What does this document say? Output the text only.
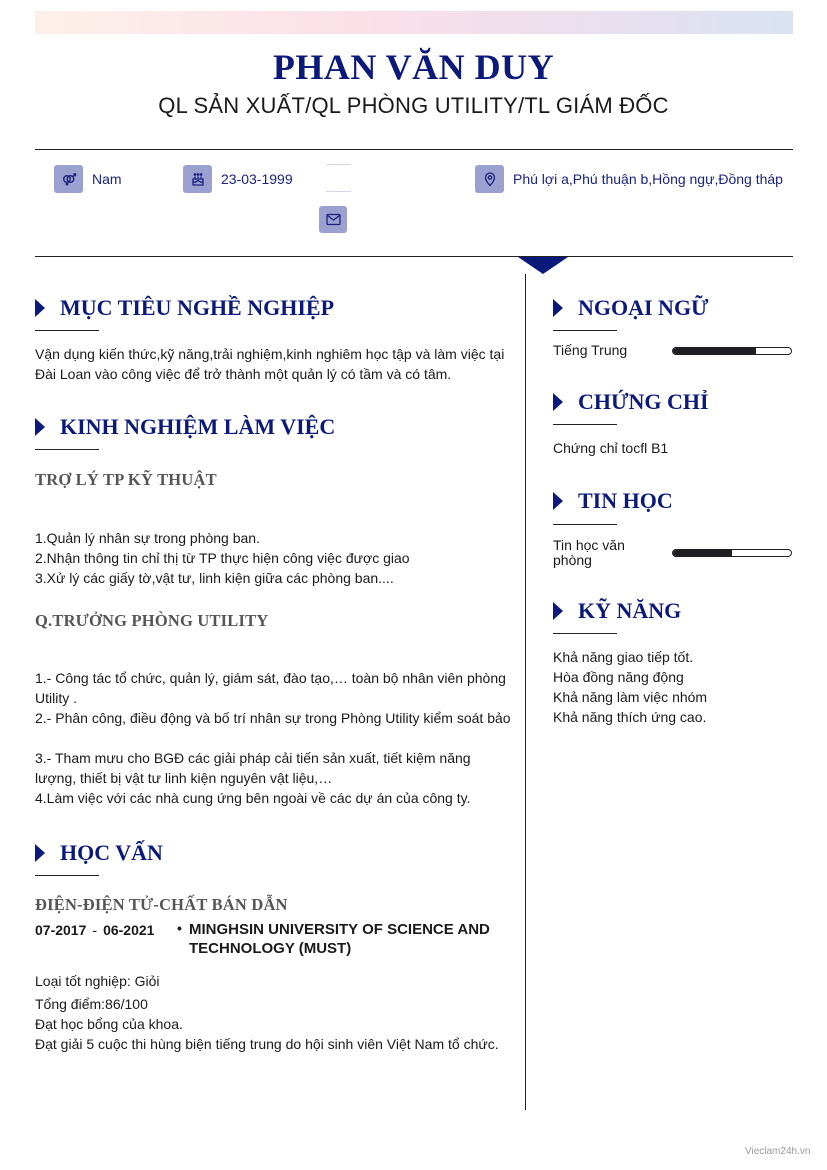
PHAN VĂN DUY
QL SẢN XUẤT/QL PHÒNG UTILITY/TL GIÁM ĐỐC
Nam	23-03-1999	Phú lợi a,Phú thuận b,Hồng ngự,Đồng tháp
MỤC TIÊU NGHỀ NGHIỆP
Vận dụng kiến thức,kỹ năng,trải nghiệm,kinh nghiêm học tập và làm việc tại
Đài Loan vào công việc để trở thành một quản lý có tầm và có tâm.
KINH NGHIỆM LÀM VIỆC
TRỢ LÝ TP KỸ THUẬT
1.Quản lý nhân sự trong phòng ban.
2.Nhận thông tin chỉ thị từ TP thực hiện công việc được giao
3.Xử lý các giấy tờ,vật tư, linh kiện giữa các phòng ban....
Q.TRƯỞNG PHÒNG UTILITY
1.- Công tác tổ chức, quản lý, giám sát, đào tạo,… toàn bộ nhân viên phòng
Utility .
2.- Phân công, điều động và bố trí nhân sự trong Phòng Utility kiểm soát bảo
3.- Tham mưu cho BGĐ các giải pháp cải tiến sản xuất, tiết kiệm năng
lượng, thiết bị vật tư linh kiện nguyên vật liệu,…
4.Làm việc với các nhà cung ứng bên ngoài về các dự án của công ty.
HỌC VẤN
ĐIỆN-ĐIỆN TỬ-CHẤT BÁN DẪN
07-2017 - 06-2021	• MINGHSIN UNIVERSITY OF SCIENCE AND TECHNOLOGY (MUST)
Loại tốt nghiệp: Giỏi
Tổng điểm:86/100
Đạt học bổng của khoa.
Đạt giải 5 cuộc thi hùng biện tiếng trung do hội sinh viên Việt Nam tổ chức.
NGOẠI NGỮ
Tiếng Trung
CHỨNG CHỈ
Chứng chỉ tocfl B1
TIN HỌC
Tin học văn phòng
KỸ NĂNG
Khả năng giao tiếp tốt.
Hòa đồng năng động
Khả năng làm việc nhóm
Khả năng thích ứng cao.
Vieclam24h.vn
